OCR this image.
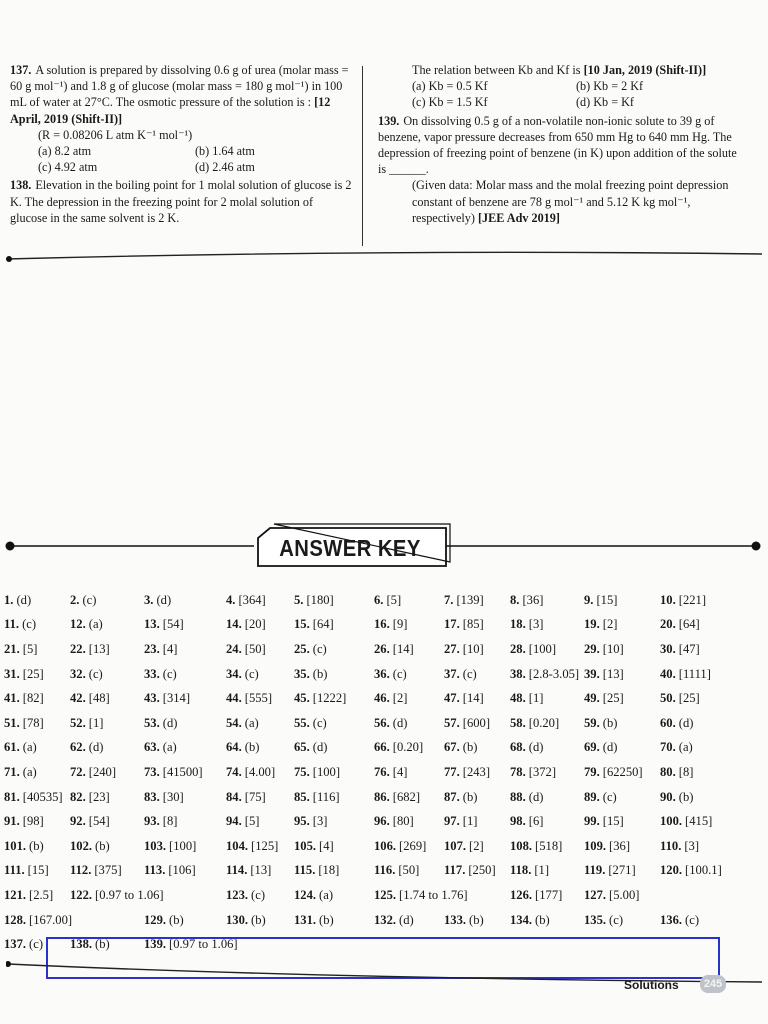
137. A solution is prepared by dissolving 0.6 g of urea (molar mass = 60 g mol⁻¹) and 1.8 g of glucose (molar mass = 180 g mol⁻¹) in 100 mL of water at 27°C. The osmotic pressure of the solution is : [12 April, 2019 (Shift-II)]
(R = 0.08206 L atm K⁻¹ mol⁻¹)
(a) 8.2 atm	(b) 1.64 atm
(c) 4.92 atm	(d) 2.46 atm
138. Elevation in the boiling point for 1 molal solution of glucose is 2 K. The depression in the freezing point for 2 molal solution of glucose in the same solvent is 2 K.
The relation between Kb and Kf is [10 Jan, 2019 (Shift-II)]
(a) Kb = 0.5 Kf	(b) Kb = 2 Kf
(c) Kb = 1.5 Kf	(d) Kb = Kf
139. On dissolving 0.5 g of a non-volatile non-ionic solute to 39 g of benzene, vapor pressure decreases from 650 mm Hg to 640 mm Hg. The depression of freezing point of benzene (in K) upon addition of the solute is ______.
(Given data: Molar mass and the molal freezing point depression constant of benzene are 78 g mol⁻¹ and 5.12 K kg mol⁻¹, respectively) [JEE Adv 2019]
ANSWER KEY
1. (d)	2. (c)	3. (d)	4. [364]	5. [180]	6. [5]	7. [139]	8. [36]	9. [15]	10. [221]
11. (c)	12. (a)	13. [54]	14. [20]	15. [64]	16. [9]	17. [85]	18. [3]	19. [2]	20. [64]
21. [5]	22. [13]	23. [4]	24. [50]	25. (c)	26. [14]	27. [10]	28. [100]	29. [10]	30. [47]
31. [25]	32. (c)	33. (c)	34. (c)	35. (b)	36. (c)	37. (c)	38. [2.8-3.05] 39. [13]	40. [1111]
41. [82]	42. [48]	43. [314]	44. [555]	45. [1222]	46. [2]	47. [14]	48. [1]	49. [25]	50. [25]
51. [78]	52. [1]	53. (d)	54. (a)	55. (c)	56. (d)	57. [600]	58. [0.20]	59. (b)	60. (d)
61. (a)	62. (d)	63. (a)	64. (b)	65. (d)	66. [0.20]	67. (b)	68. (d)	69. (d)	70. (a)
71. (a)	72. [240]	73. [41500]	74. [4.00]	75. [100]	76. [4]	77. [243]	78. [372]	79. [62250]	80. [8]
81. [40535] 82. [23]	83. [30]	84. [75]	85. [116]	86. [682]	87. (b)	88. (d)	89. (c)	90. (b)
91. [98]	92. [54]	93. [8]	94. [5]	95. [3]	96. [80]	97. [1]	98. [6]	99. [15]	100. [415]
101. (b)	102. (b)	103. [100]	104. [125]	105. [4]	106. [269]	107. [2]	108. [518]	109. [36]	110. [3]
111. [15]	112. [375]	113. [106]	114. [13]	115. [18]	116. [50]	117. [250]	118. [1]	119. [271]	120. [100.1]
121. [2.5]	122. [0.97 to 1.06]	123. (c)	124. (a)	125. [1.74 to 1.76]	126. [177]	127. [5.00]
128. [167.00]	129. (b)	130. (b)	131. (b)	132. (d)	133. (b)	134. (b)	135. (c)	136. (c)
137. (c)	138. (b)	139. [0.97 to 1.06]
Solutions	245
